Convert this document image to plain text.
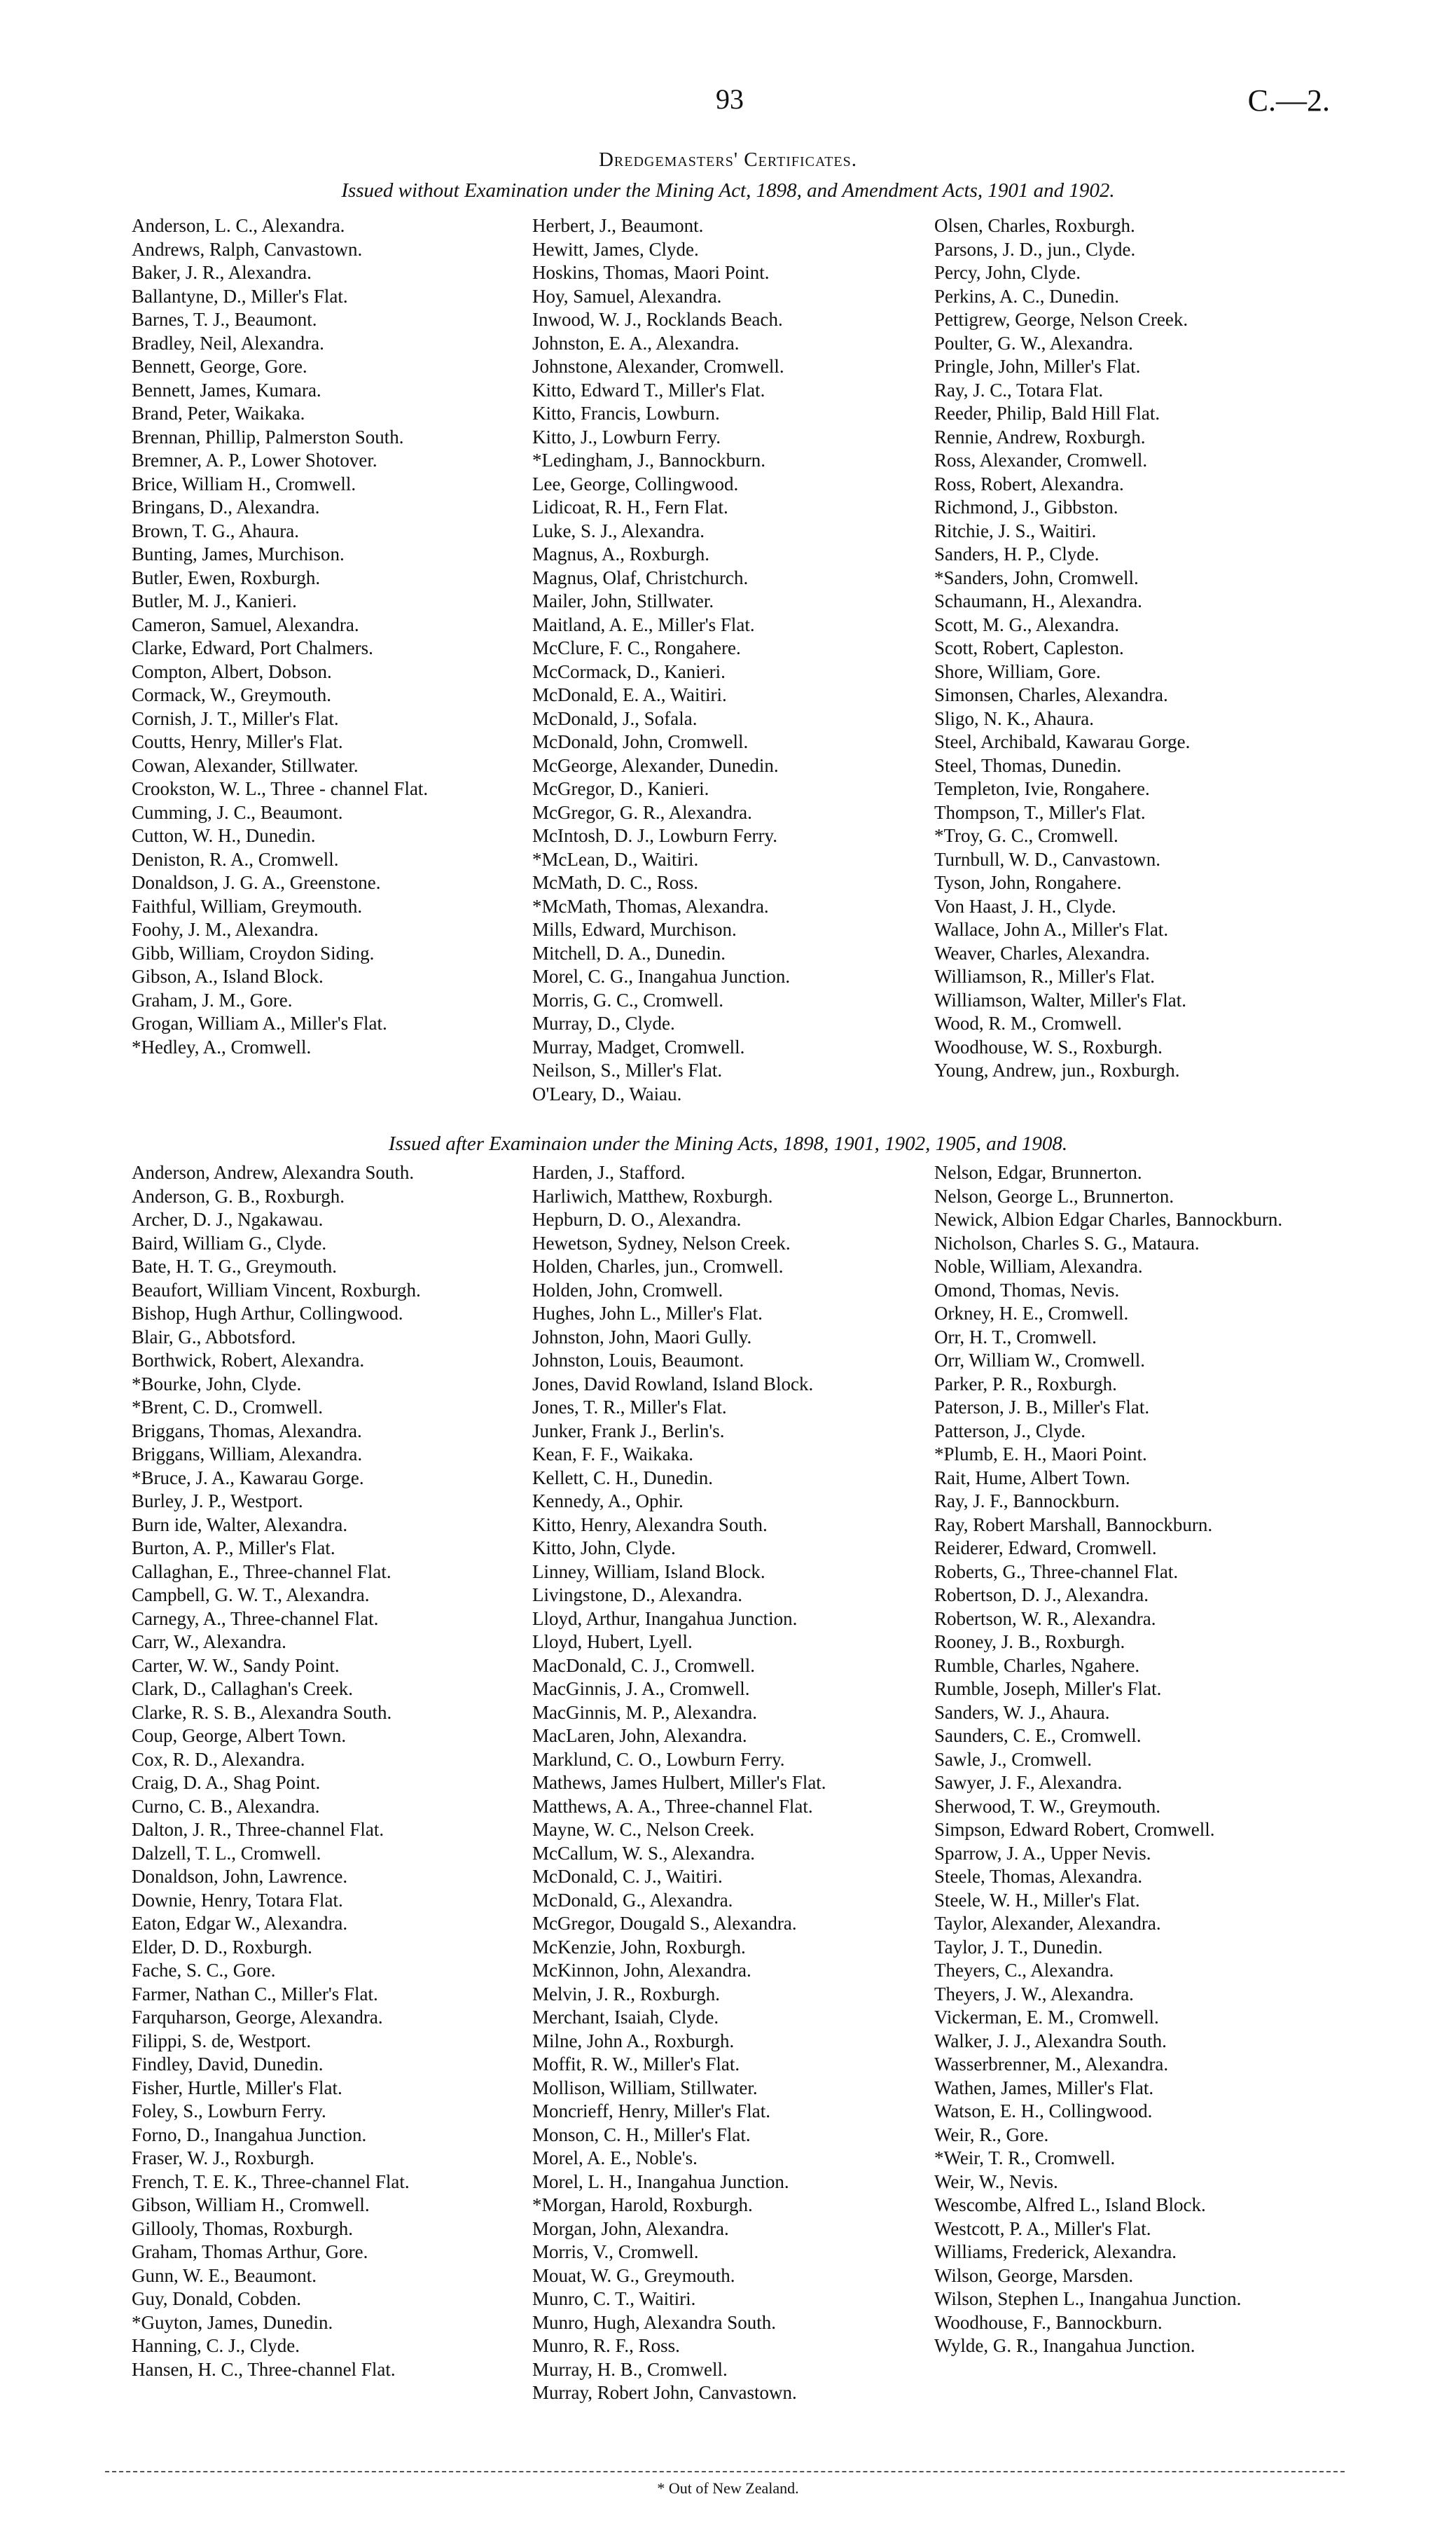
93	C.—2.
Dredgemasters' Certificates.
Issued without Examination under the Mining Act, 1898, and Amendment Acts, 1901 and 1902.
Anderson, L. C., Alexandra.
Andrews, Ralph, Canvastown.
Baker, J. R., Alexandra.
Ballantyne, D., Miller's Flat.
Barnes, T. J., Beaumont.
Bradley, Neil, Alexandra.
Bennett, George, Gore.
Bennett, James, Kumara.
Brand, Peter, Waikaka.
Brennan, Phillip, Palmerston South.
Bremner, A. P., Lower Shotover.
Brice, William H., Cromwell.
Bringans, D., Alexandra.
Brown, T. G., Ahaura.
Bunting, James, Murchison.
Butler, Ewen, Roxburgh.
Butler, M. J., Kanieri.
Cameron, Samuel, Alexandra.
Clarke, Edward, Port Chalmers.
Compton, Albert, Dobson.
Cormack, W., Greymouth.
Cornish, J. T., Miller's Flat.
Coutts, Henry, Miller's Flat.
Cowan, Alexander, Stillwater.
Crookston, W. L., Three - channel Flat.
Cumming, J. C., Beaumont.
Cutton, W. H., Dunedin.
Deniston, R. A., Cromwell.
Donaldson, J. G. A., Greenstone.
Faithful, William, Greymouth.
Foohy, J. M., Alexandra.
Gibb, William, Croydon Siding.
Gibson, A., Island Block.
Graham, J. M., Gore.
Grogan, William A., Miller's Flat.
*Hedley, A., Cromwell.
Herbert, J., Beaumont.
Hewitt, James, Clyde.
Hoskins, Thomas, Maori Point.
Hoy, Samuel, Alexandra.
Inwood, W. J., Rocklands Beach.
Johnston, E. A., Alexandra.
Johnstone, Alexander, Cromwell.
Kitto, Edward T., Miller's Flat.
Kitto, Francis, Lowburn.
Kitto, J., Lowburn Ferry.
*Ledingham, J., Bannockburn.
Lee, George, Collingwood.
Lidicoat, R. H., Fern Flat.
Luke, S. J., Alexandra.
Magnus, A., Roxburgh.
Magnus, Olaf, Christchurch.
Mailer, John, Stillwater.
Maitland, A. E., Miller's Flat.
McClure, F. C., Rongahere.
McCormack, D., Kanieri.
McDonald, E. A., Waitiri.
McDonald, J., Sofala.
McDonald, John, Cromwell.
McGeorge, Alexander, Dunedin.
McGregor, D., Kanieri.
McGregor, G. R., Alexandra.
McIntosh, D. J., Lowburn Ferry.
*McLean, D., Waitiri.
McMath, D. C., Ross.
*McMath, Thomas, Alexandra.
Mills, Edward, Murchison.
Mitchell, D. A., Dunedin.
Morel, C. G., Inangahua Junction.
Morris, G. C., Cromwell.
Murray, D., Clyde.
Murray, Madget, Cromwell.
Neilson, S., Miller's Flat.
O'Leary, D., Waiau.
Olsen, Charles, Roxburgh.
Parsons, J. D., jun., Clyde.
Percy, John, Clyde.
Perkins, A. C., Dunedin.
Pettigrew, George, Nelson Creek.
Poulter, G. W., Alexandra.
Pringle, John, Miller's Flat.
Ray, J. C., Totara Flat.
Reeder, Philip, Bald Hill Flat.
Rennie, Andrew, Roxburgh.
Ross, Alexander, Cromwell.
Ross, Robert, Alexandra.
Richmond, J., Gibbston.
Ritchie, J. S., Waitiri.
Sanders, H. P., Clyde.
*Sanders, John, Cromwell.
Schaumann, H., Alexandra.
Scott, M. G., Alexandra.
Scott, Robert, Capleston.
Shore, William, Gore.
Simonsen, Charles, Alexandra.
Sligo, N. K., Ahaura.
Steel, Archibald, Kawarau Gorge.
Steel, Thomas, Dunedin.
Templeton, Ivie, Rongahere.
Thompson, T., Miller's Flat.
*Troy, G. C., Cromwell.
Turnbull, W. D., Canvastown.
Tyson, John, Rongahere.
Von Haast, J. H., Clyde.
Wallace, John A., Miller's Flat.
Weaver, Charles, Alexandra.
Williamson, R., Miller's Flat.
Williamson, Walter, Miller's Flat.
Wood, R. M., Cromwell.
Woodhouse, W. S., Roxburgh.
Young, Andrew, jun., Roxburgh.
Issued after Examinaion under the Mining Acts, 1898, 1901, 1902, 1905, and 1908.
Anderson, Andrew, Alexandra South.
Anderson, G. B., Roxburgh.
Archer, D. J., Ngakawau.
Baird, William G., Clyde.
Bate, H. T. G., Greymouth.
Beaufort, William Vincent, Roxburgh.
Bishop, Hugh Arthur, Collingwood.
Blair, G., Abbotsford.
Borthwick, Robert, Alexandra.
*Bourke, John, Clyde.
*Brent, C. D., Cromwell.
Briggans, Thomas, Alexandra.
Briggans, William, Alexandra.
*Bruce, J. A., Kawarau Gorge.
Burley, J. P., Westport.
Burn ide, Walter, Alexandra.
Burton, A. P., Miller's Flat.
Callaghan, E., Three-channel Flat.
Campbell, G. W. T., Alexandra.
Carnegy, A., Three-channel Flat.
Carr, W., Alexandra.
Carter, W. W., Sandy Point.
Clark, D., Callaghan's Creek.
Clarke, R. S. B., Alexandra South.
Coup, George, Albert Town.
Cox, R. D., Alexandra.
Craig, D. A., Shag Point.
Curno, C. B., Alexandra.
Dalton, J. R., Three-channel Flat.
Dalzell, T. L., Cromwell.
Donaldson, John, Lawrence.
Downie, Henry, Totara Flat.
Eaton, Edgar W., Alexandra.
Elder, D. D., Roxburgh.
Fache, S. C., Gore.
Farmer, Nathan C., Miller's Flat.
Farquharson, George, Alexandra.
Filippi, S. de, Westport.
Findley, David, Dunedin.
Fisher, Hurtle, Miller's Flat.
Foley, S., Lowburn Ferry.
Forno, D., Inangahua Junction.
Fraser, W. J., Roxburgh.
French, T. E. K., Three-channel Flat.
Gibson, William H., Cromwell.
Gillooly, Thomas, Roxburgh.
Graham, Thomas Arthur, Gore.
Gunn, W. E., Beaumont.
Guy, Donald, Cobden.
*Guyton, James, Dunedin.
Hanning, C. J., Clyde.
Hansen, H. C., Three-channel Flat.
Harden, J., Stafford.
Harliwich, Matthew, Roxburgh.
Hepburn, D. O., Alexandra.
Hewetson, Sydney, Nelson Creek.
Holden, Charles, jun., Cromwell.
Holden, John, Cromwell.
Hughes, John L., Miller's Flat.
Johnston, John, Maori Gully.
Johnston, Louis, Beaumont.
Jones, David Rowland, Island Block.
Jones, T. R., Miller's Flat.
Junker, Frank J., Berlin's.
Kean, F. F., Waikaka.
Kellett, C. H., Dunedin.
Kennedy, A., Ophir.
Kitto, Henry, Alexandra South.
Kitto, John, Clyde.
Linney, William, Island Block.
Livingstone, D., Alexandra.
Lloyd, Arthur, Inangahua Junction.
Lloyd, Hubert, Lyell.
MacDonald, C. J., Cromwell.
MacGinnis, J. A., Cromwell.
MacGinnis, M. P., Alexandra.
MacLaren, John, Alexandra.
Marklund, C. O., Lowburn Ferry.
Mathews, James Hulbert, Miller's Flat.
Matthews, A. A., Three-channel Flat.
Mayne, W. C., Nelson Creek.
McCallum, W. S., Alexandra.
McDonald, C. J., Waitiri.
McDonald, G., Alexandra.
McGregor, Dougald S., Alexandra.
McKenzie, John, Roxburgh.
McKinnon, John, Alexandra.
Melvin, J. R., Roxburgh.
Merchant, Isaiah, Clyde.
Milne, John A., Roxburgh.
Moffit, R. W., Miller's Flat.
Mollison, William, Stillwater.
Moncrieff, Henry, Miller's Flat.
Monson, C. H., Miller's Flat.
Morel, A. E., Noble's.
Morel, L. H., Inangahua Junction.
*Morgan, Harold, Roxburgh.
Morgan, John, Alexandra.
Morris, V., Cromwell.
Mouat, W. G., Greymouth.
Munro, C. T., Waitiri.
Munro, Hugh, Alexandra South.
Munro, R. F., Ross.
Murray, H. B., Cromwell.
Murray, Robert John, Canvastown.
Nelson, Edgar, Brunnerton.
Nelson, George L., Brunnerton.
Newick, Albion Edgar Charles, Bannockburn.
Nicholson, Charles S. G., Mataura.
Noble, William, Alexandra.
Omond, Thomas, Nevis.
Orkney, H. E., Cromwell.
Orr, H. T., Cromwell.
Orr, William W., Cromwell.
Parker, P. R., Roxburgh.
Paterson, J. B., Miller's Flat.
Patterson, J., Clyde.
*Plumb, E. H., Maori Point.
Rait, Hume, Albert Town.
Ray, J. F., Bannockburn.
Ray, Robert Marshall, Bannockburn.
Reiderer, Edward, Cromwell.
Roberts, G., Three-channel Flat.
Robertson, D. J., Alexandra.
Robertson, W. R., Alexandra.
Rooney, J. B., Roxburgh.
Rumble, Charles, Ngahere.
Rumble, Joseph, Miller's Flat.
Sanders, W. J., Ahaura.
Saunders, C. E., Cromwell.
Sawle, J., Cromwell.
Sawyer, J. F., Alexandra.
Sherwood, T. W., Greymouth.
Simpson, Edward Robert, Cromwell.
Sparrow, J. A., Upper Nevis.
Steele, Thomas, Alexandra.
Steele, W. H., Miller's Flat.
Taylor, Alexander, Alexandra.
Taylor, J. T., Dunedin.
Theyers, C., Alexandra.
Theyers, J. W., Alexandra.
Vickerman, E. M., Cromwell.
Walker, J. J., Alexandra South.
Wasserbrenner, M., Alexandra.
Wathen, James, Miller's Flat.
Watson, E. H., Collingwood.
Weir, R., Gore.
*Weir, T. R., Cromwell.
Weir, W., Nevis.
Wescombe, Alfred L., Island Block.
Westcott, P. A., Miller's Flat.
Williams, Frederick, Alexandra.
Wilson, George, Marsden.
Wilson, Stephen L., Inangahua Junction.
Woodhouse, F., Bannockburn.
Wylde, G. R., Inangahua Junction.
* Out of New Zealand.
